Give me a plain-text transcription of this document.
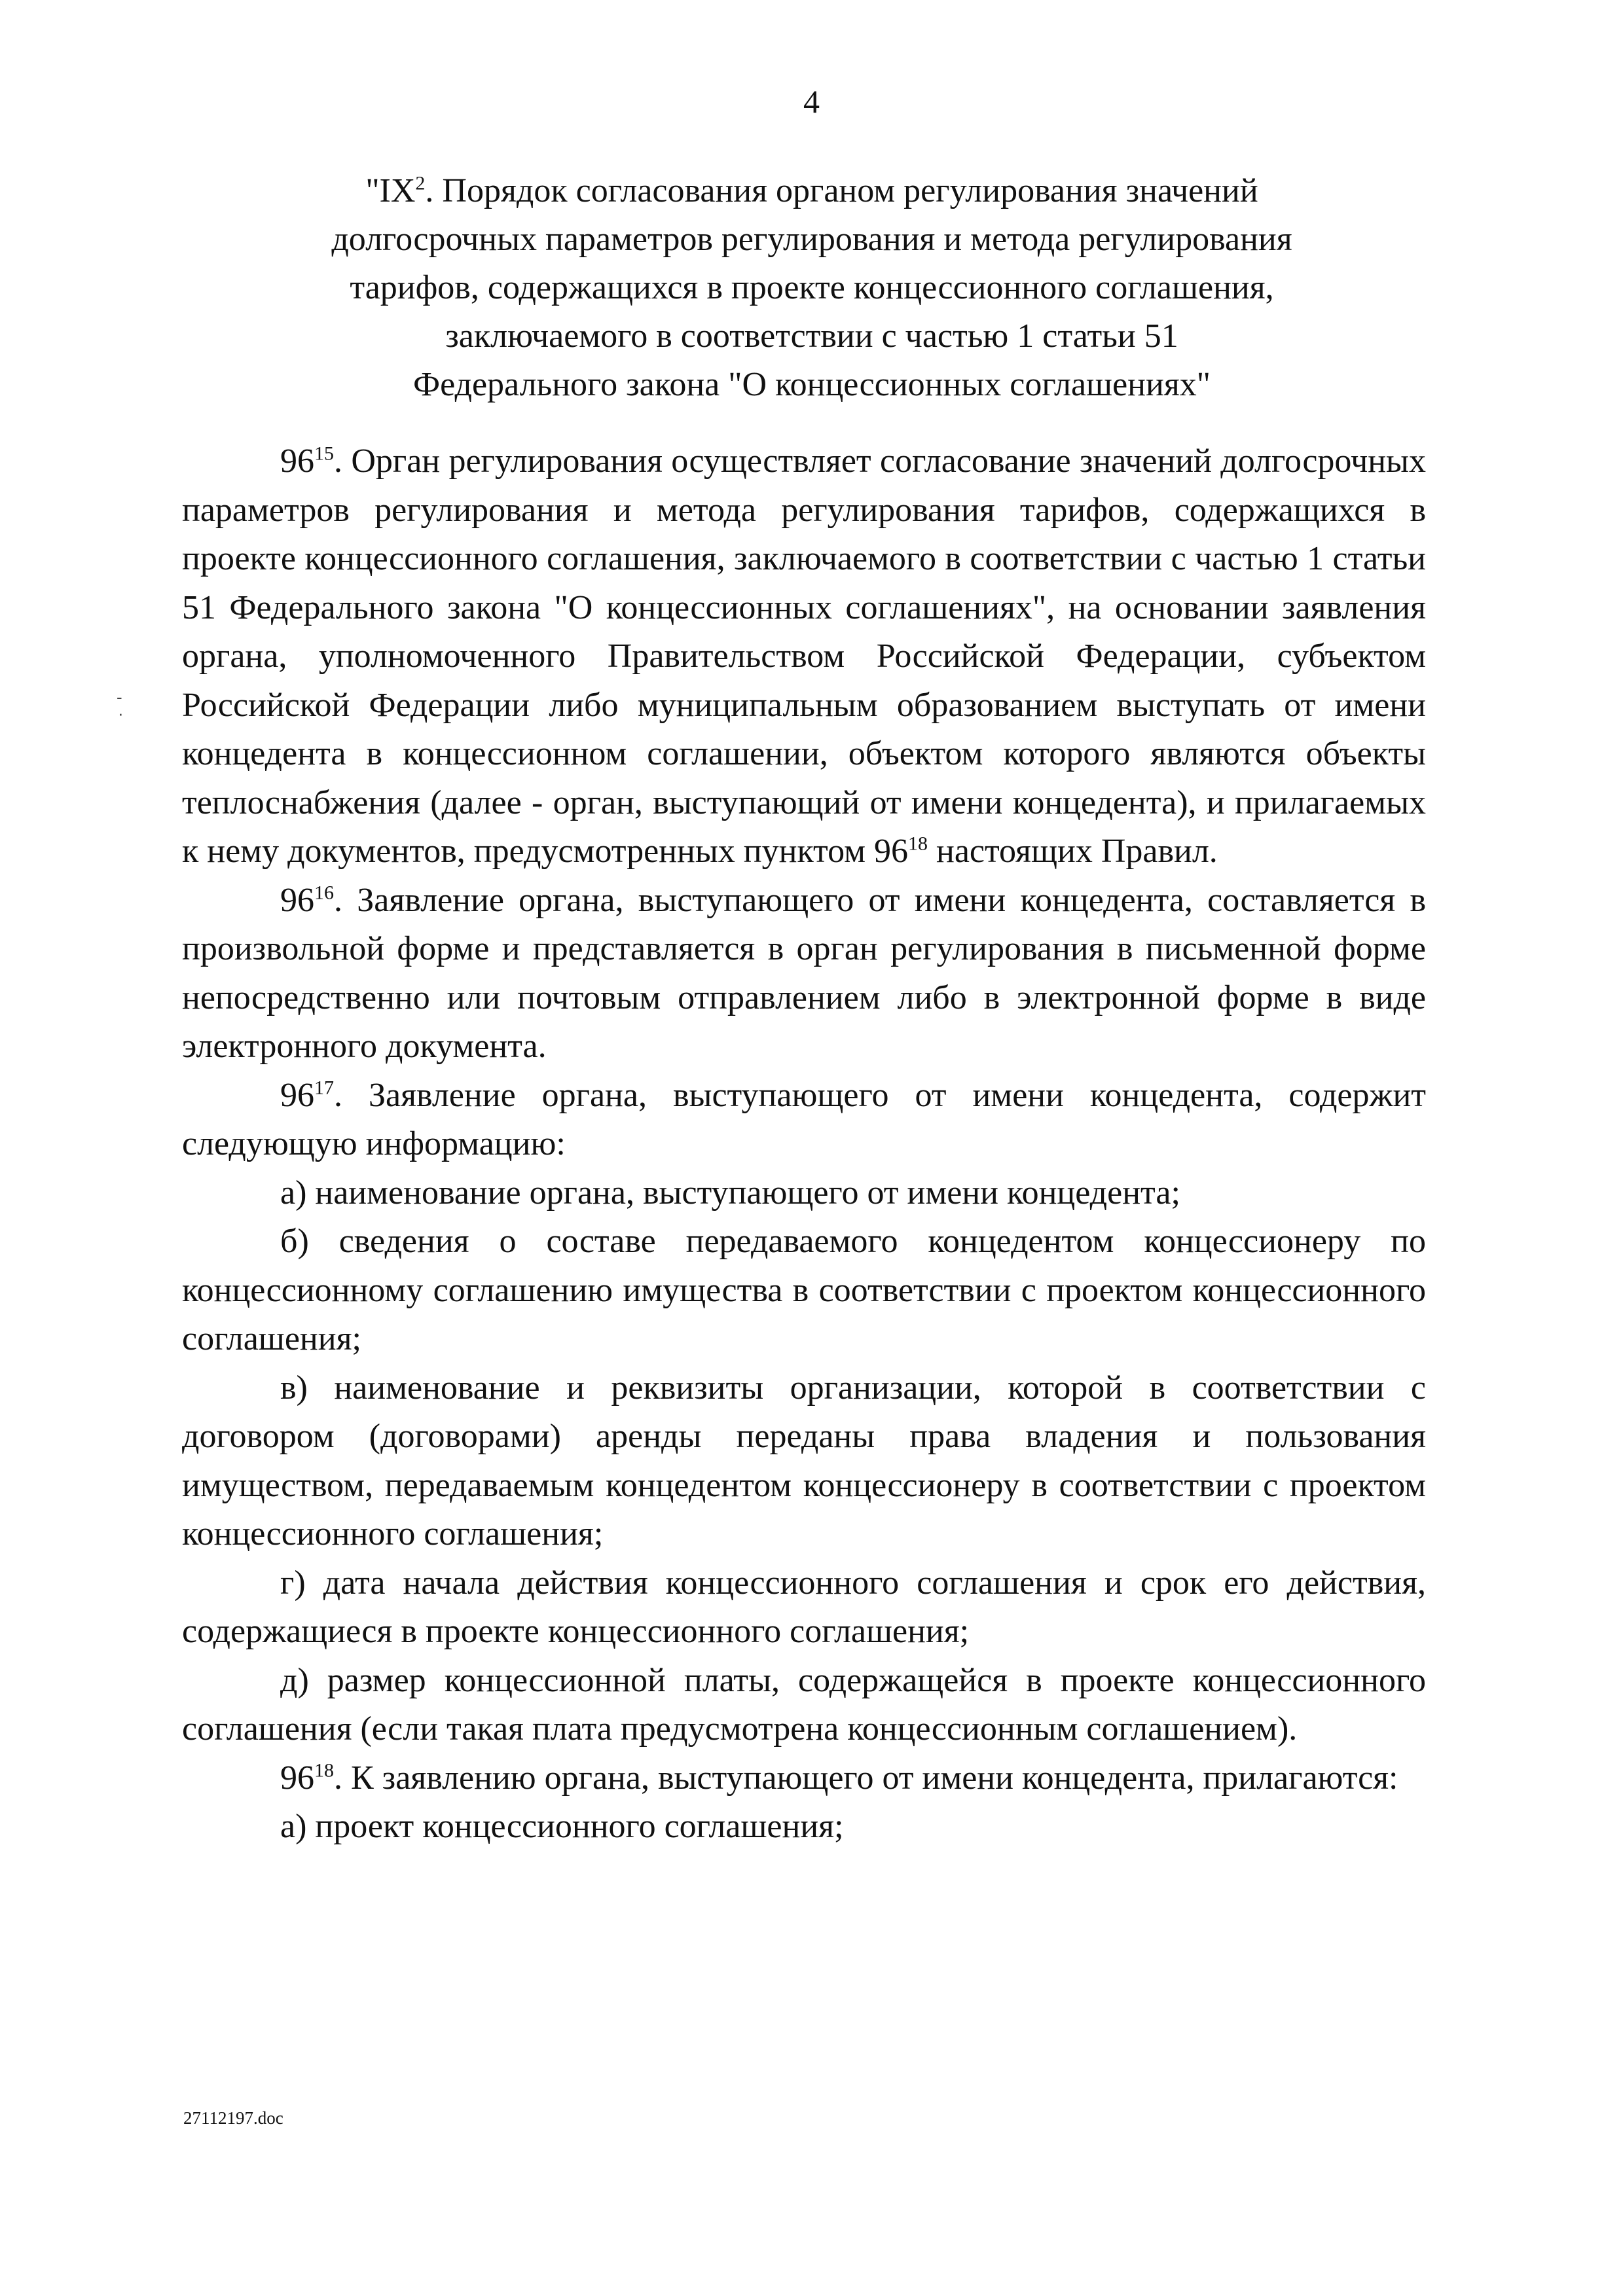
4
"$IX^2$. Порядок согласования органом регулирования значений
долгосрочных параметров регулирования и метода регулирования
тарифов, содержащихся в проекте концессионного соглашения,
заключаемого в соответствии с частью 1 статьи 51
Федерального закона "О концессионных соглашениях"

$96^{15}$. Орган регулирования осуществляет согласование значений долгосрочных параметров регулирования и метода регулирования тарифов, содержащихся в проекте концессионного соглашения, заключаемого в соответствии с частью 1 статьи 51 Федерального закона "О концессионных соглашениях", на основании заявления органа, уполномоченного Правительством Российской Федерации, субъектом Российской Федерации либо муниципальным образованием выступать от имени концедента в концессионном соглашении, объектом которого являются объекты теплоснабжения (далее - орган, выступающий от имени концедента), и прилагаемых к нему документов, предусмотренных пунктом $96^{18}$ настоящих Правил.

$96^{16}$. Заявление органа, выступающего от имени концедента, составляется в произвольной форме и представляется в орган регулирования в письменной форме непосредственно или почтовым отправлением либо в электронной форме в виде электронного документа.

$96^{17}$. Заявление органа, выступающего от имени концедента, содержит следующую информацию:

а) наименование органа, выступающего от имени концедента;

б) сведения о составе передаваемого концедентом концессионеру по концессионному соглашению имущества в соответствии с проектом концессионного соглашения;

в) наименование и реквизиты организации, которой в соответствии с договором (договорами) аренды переданы права владения и пользования имуществом, передаваемым концедентом концессионеру в соответствии с проектом концессионного соглашения;

г) дата начала действия концессионного соглашения и срок его действия, содержащиеся в проекте концессионного соглашения;

д) размер концессионной платы, содержащейся в проекте концессионного соглашения (если такая плата предусмотрена концессионным соглашением).

$96^{18}$. К заявлению органа, выступающего от имени концедента, прилагаются:

а) проект концессионного соглашения;

-
·
27112197.doc
